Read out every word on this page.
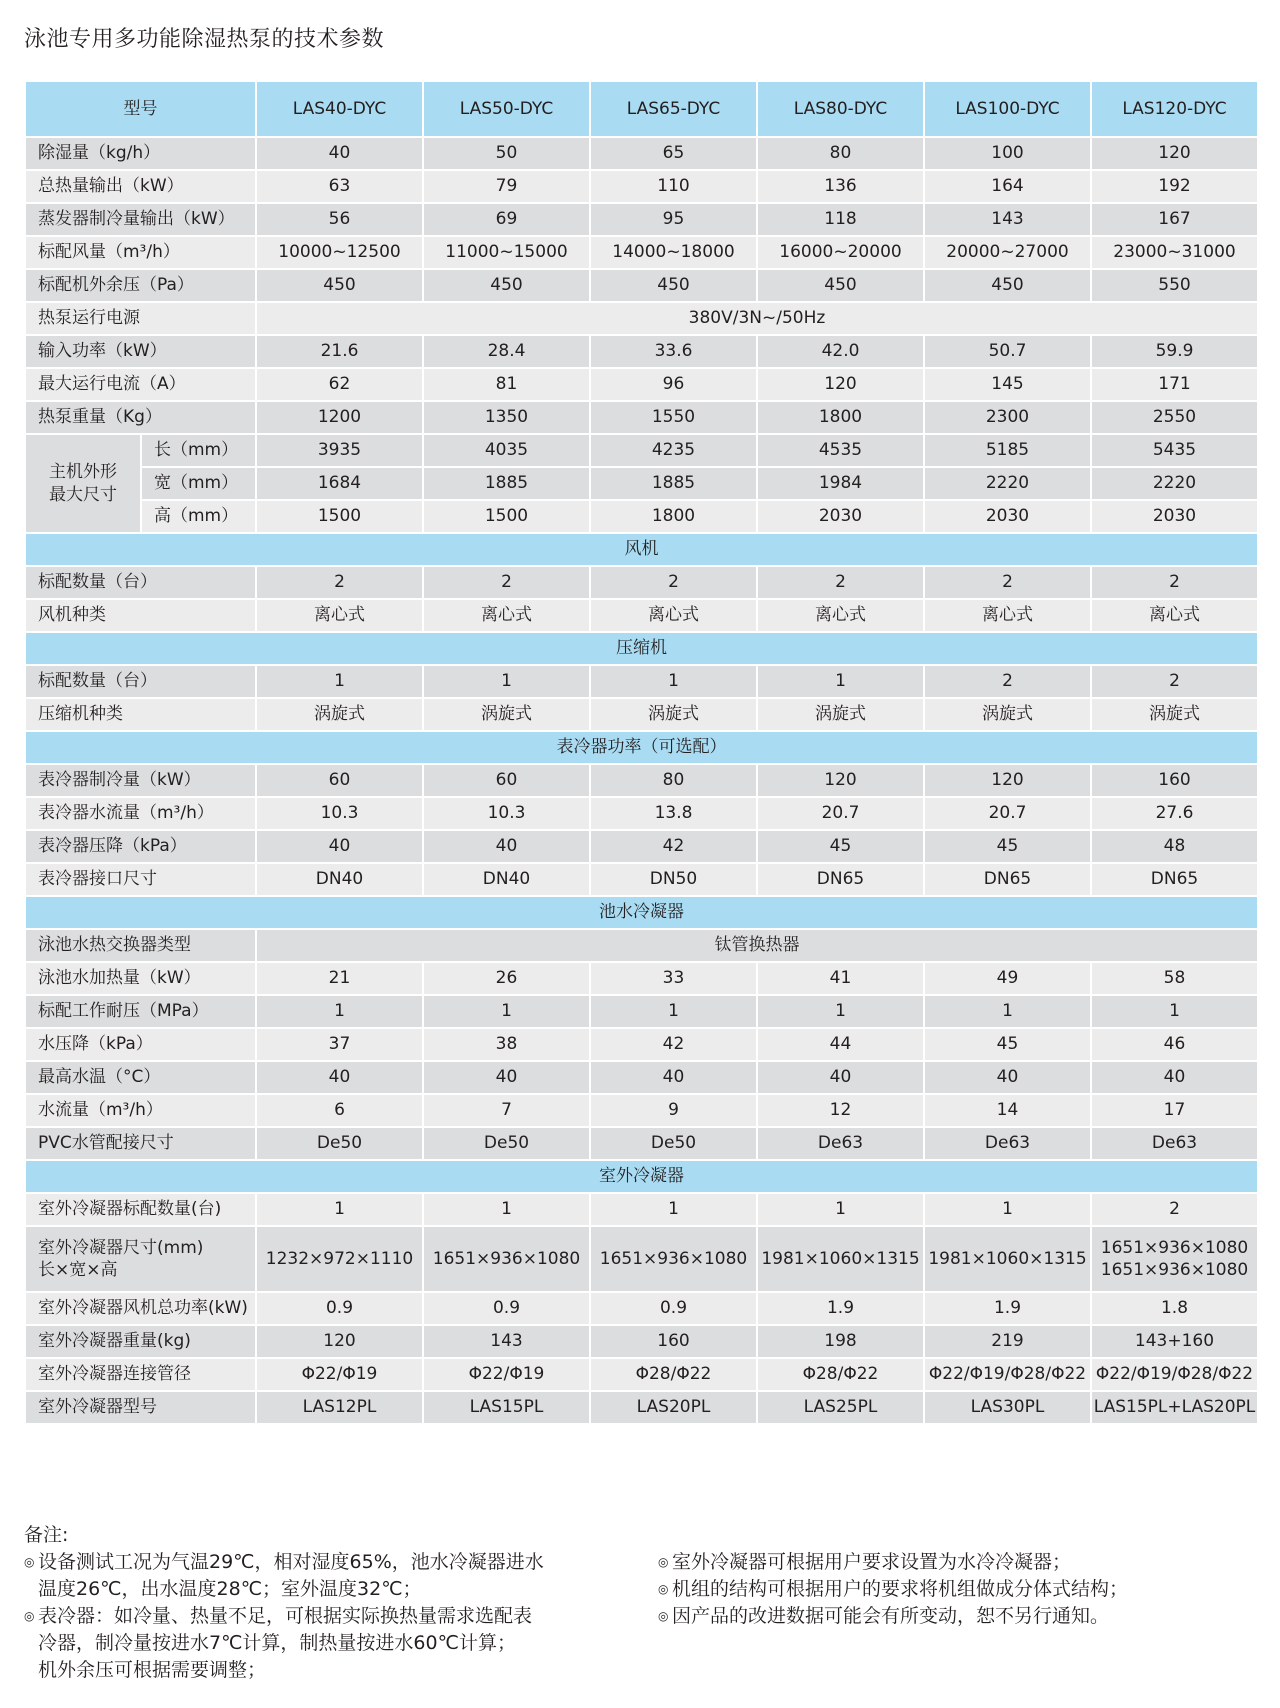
泳池专用多功能除湿热泵的技术参数
型号		LAS40-DYC	LAS50-DYC	LAS65-DYC	LAS80-DYC	LAS100-DYC	LAS120-DYC
除湿量（kg/h）		40	50	65	80	100	120
总热量输出（kW）		63	79	110	136	164	192
蒸发器制冷量输出（kW）		56	69	95	118	143	167
标配风量（m³/h）		10000~12500	11000~15000	14000~18000	16000~20000	20000~27000	23000~31000
标配机外余压（Pa）		450	450	450	450	450	550
热泵运行电源		380V/3N~/50Hz					
输入功率（kW）		21.6	28.4	33.6	42.0	50.7	59.9
最大运行电流（A）		62	81	96	120	145	171
热泵重量（Kg）		1200	1350	1550	1800	2300	2550

主机外形
最大尺寸	长（mm）	3935	4035	4235	4535	5185	5435
	宽（mm）	1684	1885	1885	1984	2220	2220
	高（mm）	1500	1500	1800	2030	2030	2030
风机							
标配数量（台）		2	2	2	2	2	2
风机种类		离心式	离心式	离心式	离心式	离心式	离心式
压缩机							
标配数量（台）		1	1	1	1	2	2
压缩机种类		涡旋式	涡旋式	涡旋式	涡旋式	涡旋式	涡旋式
表冷器功率（可选配）							
表冷器制冷量（kW）		60	60	80	120	120	160
表冷器水流量（m³/h）		10.3	10.3	13.8	20.7	20.7	27.6
表冷器压降（kPa）		40	40	42	45	45	48
表冷器接口尺寸		DN40	DN40	DN50	DN65	DN65	DN65
池水冷凝器							
泳池水热交换器类型		钛管换热器					
泳池水加热量（kW）		21	26	33	41	49	58
标配工作耐压（MPa）		1	1	1	1	1	1
水压降（kPa）		37	38	42	44	45	46
最高水温（°C）		40	40	40	40	40	40
水流量（m³/h）		6	7	9	12	14	17
PVC水管配接尺寸		De50	De50	De50	De63	De63	De63
室外冷凝器							
室外冷凝器标配数量(台)		1	1	1	1	1	2

室外冷凝器尺寸(mm)
长×宽×高		1232×972×1110	1651×936×1080	1651×936×1080	1981×1060×1315	1981×1060×1315	1651×936×1080
1651×936×1080

室外冷凝器风机总功率(kW)		0.9	0.9	0.9	1.9	1.9	1.8
室外冷凝器重量(kg)		120	143	160	198	219	143+160
室外冷凝器连接管径		Φ22/Φ19	Φ22/Φ19	Φ28/Φ22	Φ28/Φ22	Φ22/Φ19/Φ28/Φ22	Φ22/Φ19/Φ28/Φ22
室外冷凝器型号		LAS12PL	LAS15PL	LAS20PL	LAS25PL	LAS30PL	LAS15PL+LAS20PL
备注:
◎ 设备测试工况为气温29℃，相对湿度65%，池水冷凝器进水
温度26℃，出水温度28℃；室外温度32℃；
◎ 表冷器：如冷量、热量不足，可根据实际换热量需求选配表
冷器，制冷量按进水7℃计算，制热量按进水60℃计算；
机外余压可根据需要调整；
◎ 室外冷凝器可根据用户要求设置为水冷冷凝器；
◎ 机组的结构可根据用户的要求将机组做成分体式结构；
◎ 因产品的改进数据可能会有所变动，恕不另行通知。
